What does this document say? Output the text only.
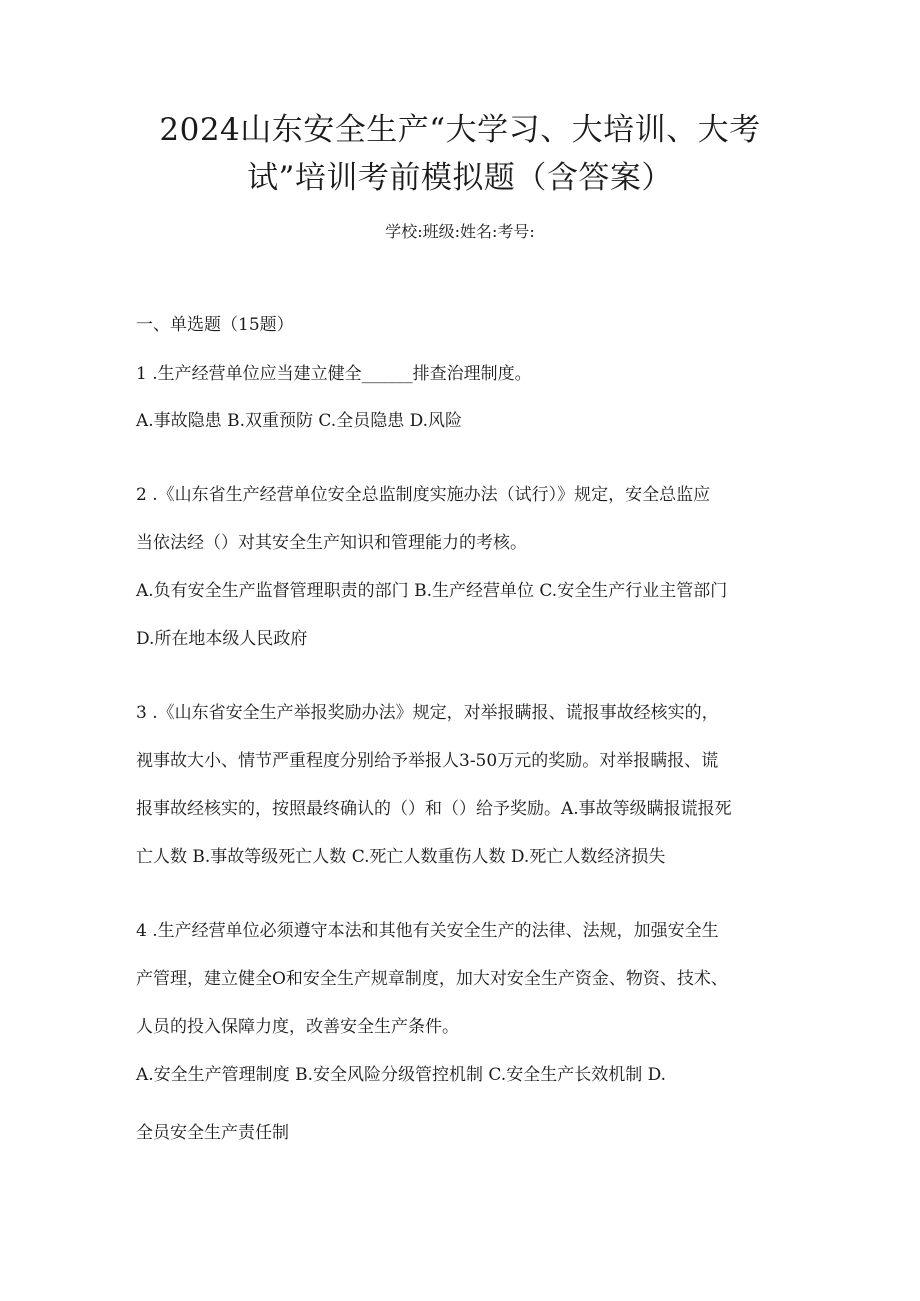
2024山东安全生产“大学习、大培训、大考
试”培训考前模拟题（含答案）
学校:班级:姓名:考号:
一、单选题（15题）
1 .生产经营单位应当建立健全______排查治理制度。
A.事故隐患 B.双重预防 C.全员隐患 D.风险
2 .《山东省生产经营单位安全总监制度实施办法（试行）》规定，安全总监应
当依法经（）对其安全生产知识和管理能力的考核。
A.负有安全生产监督管理职责的部门 B.生产经营单位 C.安全生产行业主管部门
D.所在地本级人民政府
3 .《山东省安全生产举报奖励办法》规定，对举报瞒报、谎报事故经核实的，
视事故大小、情节严重程度分别给予举报人3-50万元的奖励。对举报瞒报、谎
报事故经核实的，按照最终确认的（）和（）给予奖励。A.事故等级瞒报谎报死
亡人数 B.事故等级死亡人数 C.死亡人数重伤人数 D.死亡人数经济损失
4 .生产经营单位必须遵守本法和其他有关安全生产的法律、法规，加强安全生
产管理，建立健全O和安全生产规章制度，加大对安全生产资金、物资、技术、
人员的投入保障力度，改善安全生产条件。
A.安全生产管理制度 B.安全风险分级管控机制 C.安全生产长效机制 D.
全员安全生产责任制
